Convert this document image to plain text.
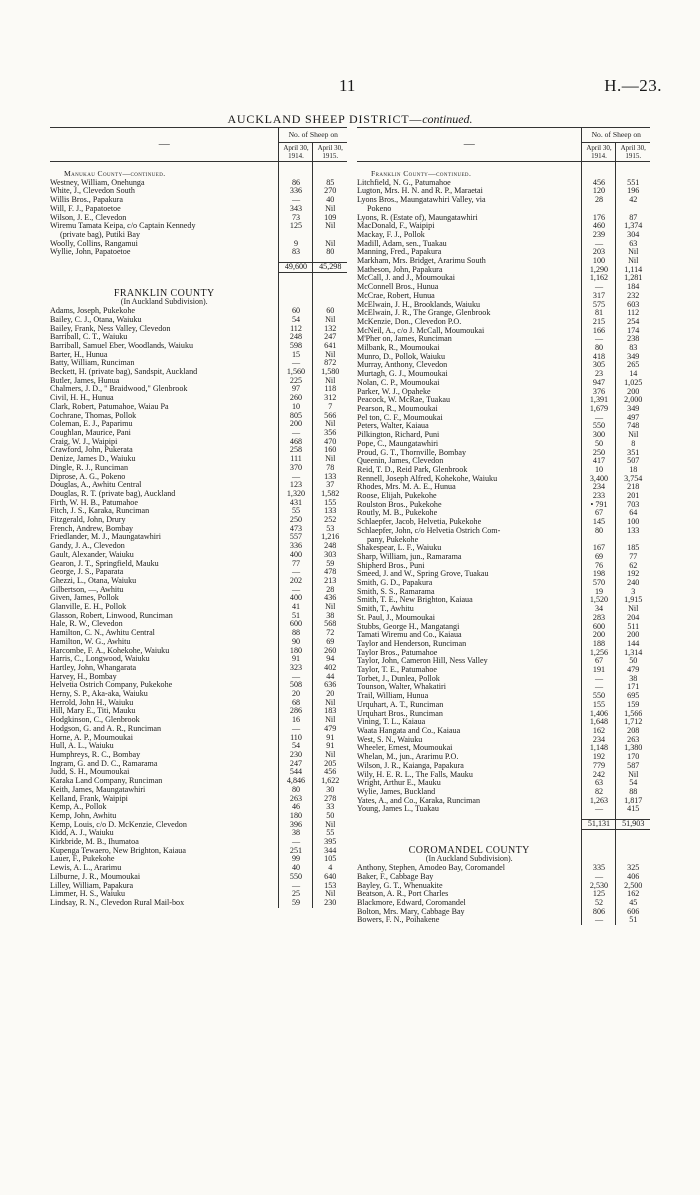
11	H.—23.
AUCKLAND SHEEP DISTRICT—continued.
—	No. of Sheep on	
	April 30,
1914.	April 30,
1915.

Manukau County—continued.		
Westney, William, Onehunga	86	85
White, J., Clevedon South	336	270
Willis Bros., Papakura	—	40
Will, F. J., Papatoetoe	343	Nil
Wilson, J. E., Clevedon	73	109
Wiremu Tamata Keipa, c/o Captain Kennedy	125	Nil
(private bag), Putiki Bay		
Woolly, Collins, Rangamui	9	Nil
Wyllie, John, Papatoetoe	83	80

	49,600	45,298

FRANKLIN COUNTY		
(In Auckland Subdivision).		
Adams, Joseph, Pukekohe	60	60
Bailey, C. J., Otana, Waiuku	54	Nil
Bailey, Frank, Ness Valley, Clevedon	112	132
Barriball, C. T., Waiuku	248	247
Barriball, Samuel Eber, Woodlands, Waiuku	598	641
Barter, H., Hunua	15	Nil
Batty, William, Runciman	—	872
Beckett, H. (private bag), Sandspit, Auckland	1,560	1,580
Butler, James, Hunua	225	Nil
Chalmers, J. D., " Braidwood," Glenbrook	97	118
Civil, H. H., Hunua	260	312
Clark, Robert, Patumahoe, Waiau Pa	10	7
Cochrane, Thomas, Pollok	805	566
Coleman, E. J., Paparimu	200	Nil
Coughlan, Maurice, Pani	—	356
Craig, W. J., Waipipi	468	470
Crawford, John, Pukerata	258	160
Denize, James D., Waiuku	111	Nil
Dingle, R. J., Runciman	370	78
Diprose, A. G., Pokeno	—	133
Douglas, A., Awhitu Central	123	37
Douglas, R. T. (private bag), Auckland	1,320	1,582
Firth, W. H. B., Patumahoe	431	155
Fitch, J. S., Karaka, Runciman	55	133
Fitzgerald, John, Drury	250	252
French, Andrew, Bombay	473	53
Friedlander, M. J., Maungatawhiri	557	1,216
Gandy, J. A., Clevedon	336	248
Gault, Alexander, Waiuku	400	303
Gearon, J. T., Springfield, Mauku	77	59
George, J. S., Paparata	—	478
Ghezzi, L., Otana, Waiuku	202	213
Gilbertson, —, Awhitu	—	28
Given, James, Pollok	400	436
Glanville, E. H., Pollok	41	Nil
Glasson, Robert, Linwood, Runciman	51	38
Hale, R. W., Clevedon	600	568
Hamilton, C. N., Awhitu Central	88	72
Hamilton, W. G., Awhitu	90	69
Harcombe, F. A., Kohekohe, Waiuku	180	260
Harris, C., Longwood, Waiuku	91	94
Hartley, John, Whangarata	323	402
Harvey, H., Bombay	—	44
Helvetia Ostrich Company, Pukekohe	508	636
Herny, S. P., Aka-aka, Waiuku	20	20
Herrold, John H., Waiuku	68	Nil
Hill, Mary E., Titi, Mauku	286	183
Hodgkinson, C., Glenbrook	16	Nil
Hodgson, G. and A. R., Runciman	—	479
Horne, A. P., Moumoukai	110	91
Hull, A. L., Waiuku	54	91
Humphreys, R. C., Bombay	230	Nil
Ingram, G. and D. C., Ramarama	247	205
Judd, S. H., Moumoukai	544	456
Karaka Land Company, Runciman	4,846	1,622
Keith, James, Maungatawhiri	80	30
Kelland, Frank, Waipipi	263	278
Kemp, A., Pollok	46	33
Kemp, John, Awhitu	180	50
Kemp, Louis, c/o D. McKenzie, Clevedon	396	Nil
Kidd, A. J., Waiuku	38	55
Kirkbride, M. B., Ihumatoa	—	395
Kupenga Tewaero, New Brighton, Kaiaua	251	344
Lauer, F., Pukekohe	99	105
Lewis, A. L., Ararimu	40	4
Lilburne, J. R., Moumoukai	550	640
Lilley, William, Papakura	—	153
Limmer, H. S., Waiuku	25	Nil
Lindsay, R. N., Clevedon Rural Mail-box	59	230
—	No. of Sheep on	
	April 30,
1914.	April 30,
1915.

Franklin County—continued.		
Litchfield, N. G., Patumahoe	456	551
Lugton, Mrs. H. N. and R. P., Maraetai	120	196
Lyons Bros., Maungatawhiri Valley, via	28	42
Pokeno		
Lyons, R. (Estate of), Maungatawhiri	176	87
MacDonald, F., Waipipi	460	1,374
Mackay, F. J., Pollok	239	304
Madill, Adam, sen., Tuakau	—	63
Manning, Fred., Papakura	203	Nil
Markham, Mrs. Bridget, Ararimu South	100	Nil
Matheson, John, Papakura	1,290	1,114
McCall, J. and J., Moumoukai	1,162	1,281
McConnell Bros., Hunua	—	184
McCrae, Robert, Hunua	317	232
McElwain, J. H., Brooklands, Waiuku	575	603
McElwain, J. R., The Grange, Glenbrook	81	112
McKenzie, Don., Clevedon P.O.	215	254
McNeil, A., c/o J. McCall, Moumoukai	166	174
M'Pher on, James, Runciman	—	238
Milbank, R., Moumoukai	80	83
Munro, D., Pollok, Waiuku	418	349
Murray, Anthony, Clevedon	305	265
Murtagh, G. J., Moumoukai	23	14
Nolan, C. P., Moumoukai	947	1,025
Parker, W. J., Opaheke	376	200
Peacock, W. McRae, Tuakau	1,391	2,000
Pearson, R., Moumoukai	1,679	349
Pel ton, C. F., Moumoukai	—	497
Peters, Walter, Kaiaua	550	748
Pilkington, Richard, Puni	300	Nil
Pope, C., Maungatawhiri	50	8
Proud, G. T., Thornville, Bombay	250	351
Queenin, James, Clevedon	417	507
Reid, T. D., Reid Park, Glenbrook	10	18
Rennell, Joseph Alfred, Kohekohe, Waiuku	3,400	3,754
Rhodes, Mrs. M. A. E., Hunua	234	218
Roose, Elijah, Pukekohe	233	201
Roulston Bros., Pukekohe	• 791	703
Routly, M. B., Pukekohe	67	64
Schlaepfer, Jacob, Helvetia, Pukekohe	145	100
Schlaepfer, John, c/o Helvetia Ostrich Com-	80	133
pany, Pukekohe		
Shakespear, L. F., Waiuku	167	185
Sharp, William, jun., Ramarama	69	77
Shipherd Bros., Puni	76	62
Smeed, J. and W., Spring Grove, Tuakau	198	192
Smith, G. D., Papakura	570	240
Smith, S. S., Ramarama	19	3
Smith, T. E., New Brighton, Kaiaua	1,520	1,915
Smith, T., Awhitu	34	Nil
St. Paul, J., Moumoukai	283	204
Stubbs, George H., Mangatangi	600	511
Tamati Wiremu and Co., Kaiaua	200	200
Taylor and Henderson, Runciman	188	144
Taylor Bros., Patumahoe	1,256	1,314
Taylor, John, Cameron Hill, Ness Valley	67	50
Taylor, T. E., Patumahoe	191	479
Torbet, J., Dunlea, Pollok	—	38
Tounson, Walter, Whakatiri	—	171
Trail, William, Hunua	550	695
Urquhart, A. T., Runciman	155	159
Urquhart Bros., Runciman	1,406	1,566
Vining, T. L., Kaiaua	1,648	1,712
Waata Hangata and Co., Kaiaua	162	208
West, S. N., Waiuku	234	263
Wheeler, Ernest, Moumoukai	1,148	1,380
Whelan, M., jun., Ararimu P.O.	192	170
Wilson, J. R., Kaianga, Papakura	779	587
Wily, H. E. R. L., The Falls, Mauku	242	Nil
Wright, Arthur E., Mauku	63	54
Wylie, James, Buckland	82	88
Yates, A., and Co., Karaka, Runciman	1,263	1,817
Young, James L., Tuakau	—	415

	51,131	51,903

COROMANDEL COUNTY		
(In Auckland Subdivision).		
Anthony, Stephen, Amodeo Bay, Coromandel	335	325
Baker, F., Cabbage Bay	—	406
Bayley, G. T., Whenuakite	2,530	2,500
Beatson, A. R., Port Charles	125	162
Blackmore, Edward, Coromandel	52	45
Bolton, Mrs. Mary, Cabbage Bay	806	606
Bowers, F. N., Poihakene	—	51
